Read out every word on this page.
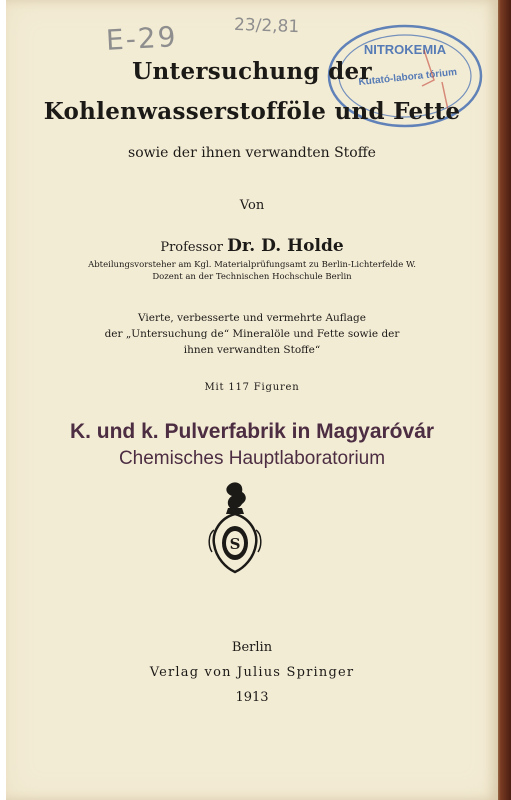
E-29	23/2,81
NITROKEMIA
Kutató-labora tórium
Untersuchung der
Kohlenwasserstofföle und Fette
sowie der ihnen verwandten Stoffe
Von
Professor Dr. D. Holde
Abteilungsvorsteher am Kgl. Materialprüfungsamt zu Berlin-Lichterfelde W.
Dozent an der Technischen Hochschule Berlin
Vierte, verbesserte und vermehrte Auflage
der „Untersuchung de“ Mineralöle und Fette sowie der
ihnen verwandten Stoffe“
Mit 117 Figuren
K. und k. Pulverfabrik in Magyaróvár
Chemisches Hauptlaboratorium
S
Berlin
Verlag von Julius Springer
1913
